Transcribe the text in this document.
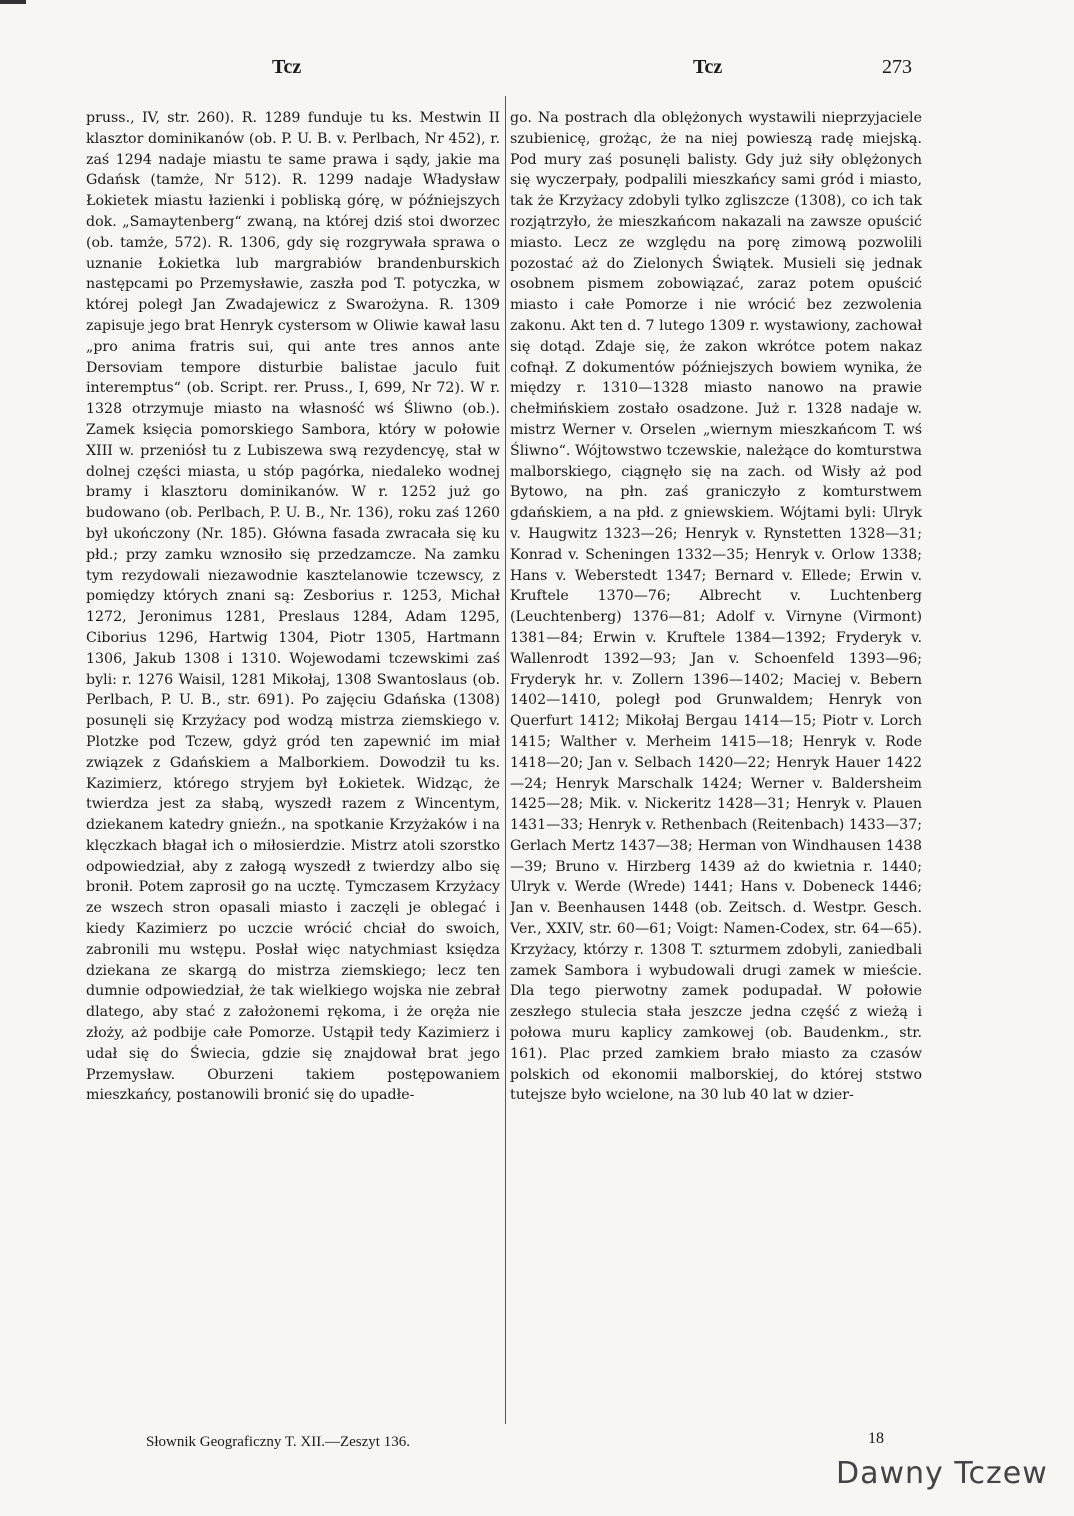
Tcz	Tcz	273
pruss., IV, str. 260). R. 1289 funduje tu ks. Mestwin II klasztor dominikanów (ob. P. U. B. v. Perlbach, Nr 452), r. zaś 1294 nadaje miastu te same prawa i sądy, jakie ma Gdańsk (tamże, Nr 512). R. 1299 nadaje Władysław Łokietek miastu łazienki i pobliską górę, w późniejszych dok. „Samaytenberg“ zwaną, na której dziś stoi dworzec (ob. tamże, 572). R. 1306, gdy się rozgrywała sprawa o uznanie Łokietka lub margrabiów brandenburskich następcami po Przemysławie, zaszła pod T. potyczka, w której poległ Jan Zwadajewicz z Swarożyna. R. 1309 zapisuje jego brat Henryk cystersom w Oliwie kawał lasu „pro anima fratris sui, qui ante tres annos ante Dersoviam tempore disturbie balistae jaculo fuit interemptus“ (ob. Script. rer. Pruss., I, 699, Nr 72). W r. 1328 otrzymuje miasto na własność wś Śliwno (ob.). Zamek księcia pomorskiego Sambora, który w połowie XIII w. przeniósł tu z Lubiszewa swą rezydencyę, stał w dolnej części miasta, u stóp pagórka, niedaleko wodnej bramy i klasztoru dominikanów. W r. 1252 już go budowano (ob. Perlbach, P. U. B., Nr. 136), roku zaś 1260 był ukończony (Nr. 185). Główna fasada zwracała się ku płd.; przy zamku wznosiło się przedzamcze. Na zamku tym rezydowali niezawodnie kasztelanowie tczewscy, z pomiędzy których znani są: Zesborius r. 1253, Michał 1272, Jeronimus 1281, Preslaus 1284, Adam 1295, Ciborius 1296, Hartwig 1304, Piotr 1305, Hartmann 1306, Jakub 1308 i 1310. Wojewodami tczewskimi zaś byli: r. 1276 Waisil, 1281 Mikołaj, 1308 Swantoslaus (ob. Perlbach, P. U. B., str. 691). Po zajęciu Gdańska (1308) posunęli się Krzyżacy pod wodzą mistrza ziemskiego v. Plotzke pod Tczew, gdyż gród ten zapewnić im miał związek z Gdańskiem a Malborkiem. Dowodził tu ks. Kazimierz, którego stryjem był Łokietek. Widząc, że twierdza jest za słabą, wyszedł razem z Wincentym, dziekanem katedry gnieźn., na spotkanie Krzyżaków i na klęczkach błagał ich o miłosierdzie. Mistrz atoli szorstko odpowiedział, aby z załogą wyszedł z twierdzy albo się bronił. Potem zaprosił go na ucztę. Tymczasem Krzyżacy ze wszech stron opasali miasto i zaczęli je oblegać i kiedy Kazimierz po uczcie wrócić chciał do swoich, zabronili mu wstępu. Posłał więc natychmiast księdza dziekana ze skargą do mistrza ziemskiego; lecz ten dumnie odpowiedział, że tak wielkiego wojska nie zebrał dlatego, aby stać z założonemi rękoma, i że oręża nie złoży, aż podbije całe Pomorze. Ustąpił tedy Kazimierz i udał się do Świecia, gdzie się znajdował brat jego Przemysław. Oburzeni takiem postępowaniem mieszkańcy, postanowili bronić się do upadłe-
go. Na postrach dla oblężonych wystawili nieprzyjaciele szubienicę, grożąc, że na niej powieszą radę miejską. Pod mury zaś posunęli balisty. Gdy już siły oblężonych się wyczerpały, podpalili mieszkańcy sami gród i miasto, tak że Krzyżacy zdobyli tylko zgliszcze (1308), co ich tak rozjątrzyło, że mieszkańcom nakazali na zawsze opuścić miasto. Lecz ze względu na porę zimową pozwolili pozostać aż do Zielonych Świątek. Musieli się jednak osobnem pismem zobowiązać, zaraz potem opuścić miasto i całe Pomorze i nie wrócić bez zezwolenia zakonu. Akt ten d. 7 lutego 1309 r. wystawiony, zachował się dotąd. Zdaje się, że zakon wkrótce potem nakaz cofnął. Z dokumentów późniejszych bowiem wynika, że między r. 1310—1328 miasto nanowo na prawie chełmińskiem zostało osadzone. Już r. 1328 nadaje w. mistrz Werner v. Orselen „wiernym mieszkańcom T. wś Śliwno“. Wójtowstwo tczewskie, należące do komturstwa malborskiego, ciągnęło się na zach. od Wisły aż pod Bytowo, na płn. zaś graniczyło z komturstwem gdańskiem, a na płd. z gniewskiem. Wójtami byli: Ulryk v. Haugwitz 1323—26; Henryk v. Rynstetten 1328—31; Konrad v. Scheningen 1332—35; Henryk v. Orlow 1338; Hans v. Weberstedt 1347; Bernard v. Ellede; Erwin v. Kruftele 1370—76; Albrecht v. Luchtenberg (Leuchtenberg) 1376—81; Adolf v. Virnyne (Virmont) 1381—84; Erwin v. Kruftele 1384—1392; Fryderyk v. Wallenrodt 1392—93; Jan v. Schoenfeld 1393—96; Fryderyk hr. v. Zollern 1396—1402; Maciej v. Bebern 1402—1410, poległ pod Grunwaldem; Henryk von Querfurt 1412; Mikołaj Bergau 1414—15; Piotr v. Lorch 1415; Walther v. Merheim 1415—18; Henryk v. Rode 1418—20; Jan v. Selbach 1420—22; Henryk Hauer 1422—24; Henryk Marschalk 1424; Werner v. Baldersheim 1425—28; Mik. v. Nickeritz 1428—31; Henryk v. Plauen 1431—33; Henryk v. Rethenbach (Reitenbach) 1433—37; Gerlach Mertz 1437—38; Herman von Windhausen 1438—39; Bruno v. Hirzberg 1439 aż do kwietnia r. 1440; Ulryk v. Werde (Wrede) 1441; Hans v. Dobeneck 1446; Jan v. Beenhausen 1448 (ob. Zeitsch. d. Westpr. Gesch. Ver., XXIV, str. 60—61; Voigt: Namen-Codex, str. 64—65). Krzyżacy, którzy r. 1308 T. szturmem zdobyli, zaniedbali zamek Sambora i wybudowali drugi zamek w mieście. Dla tego pierwotny zamek podupadał. W połowie zeszłego stulecia stała jeszcze jedna część z wieżą i połowa muru kaplicy zamkowej (ob. Baudenkm., str. 161). Plac przed zamkiem brało miasto za czasów polskich od ekonomii malborskiej, do której ststwo tutejsze było wcielone, na 30 lub 40 lat w dzier-
Słownik Geograficzny T. XII.—Zeszyt 136.	18
Dawny Tczew
